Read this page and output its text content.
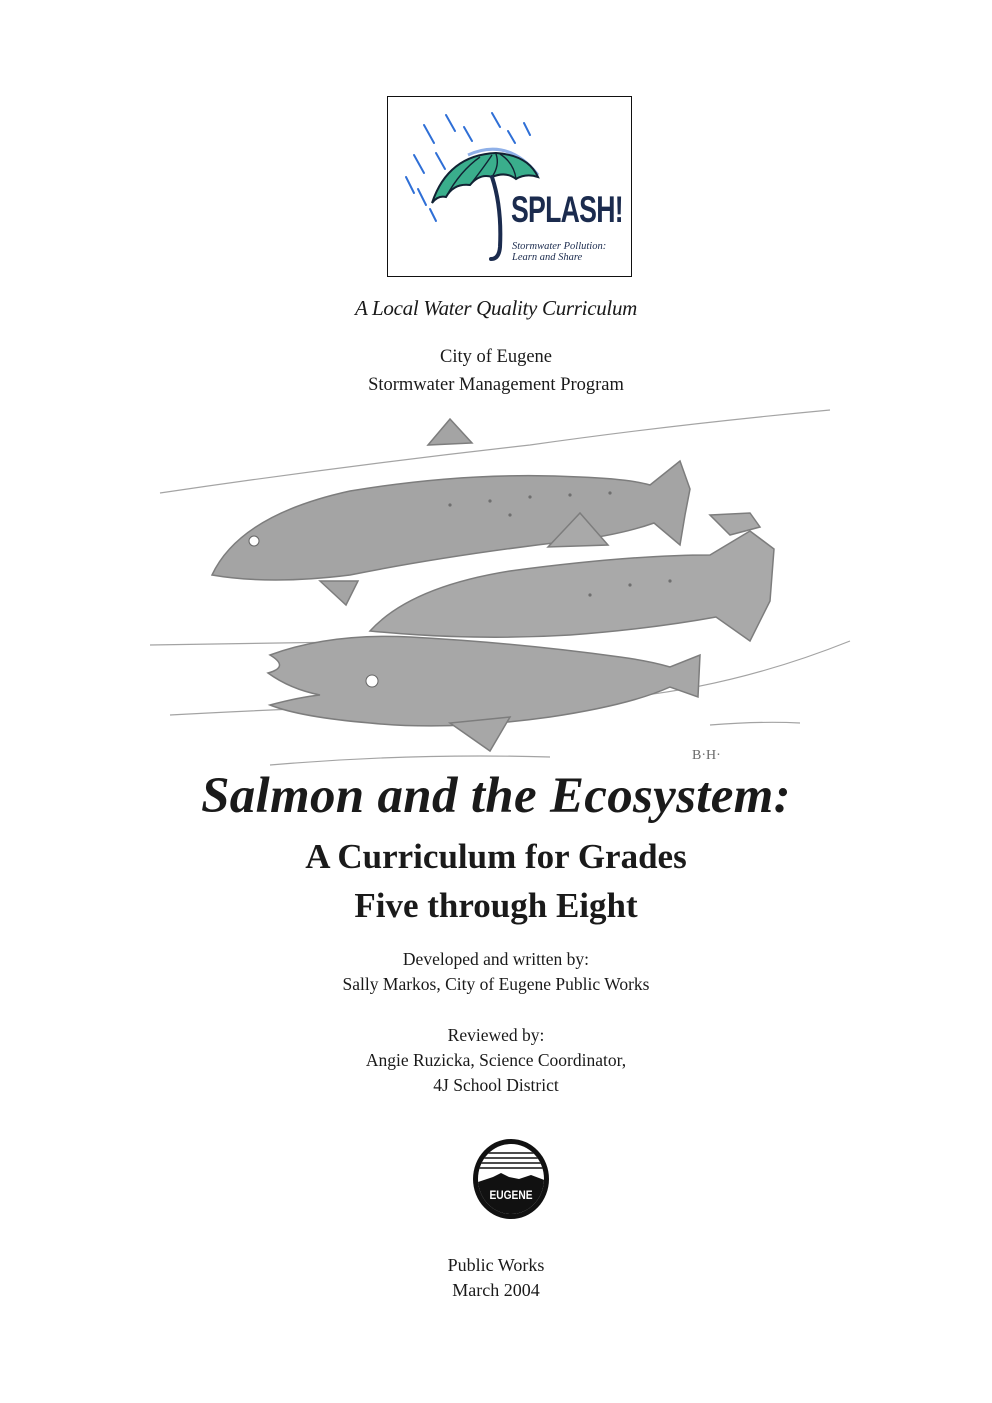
SPLASH!
Stormwater Pollution:
Learn and Share
A Local Water Quality Curriculum
City of Eugene
Stormwater Management Program
B·H·
Salmon and the Ecosystem:
A Curriculum for Grades
Five through Eight
Developed and written by:
Sally Markos, City of Eugene Public Works
Reviewed by:
Angie Ruzicka, Science Coordinator,
4J School District
EUGENE
Public Works
March 2004
